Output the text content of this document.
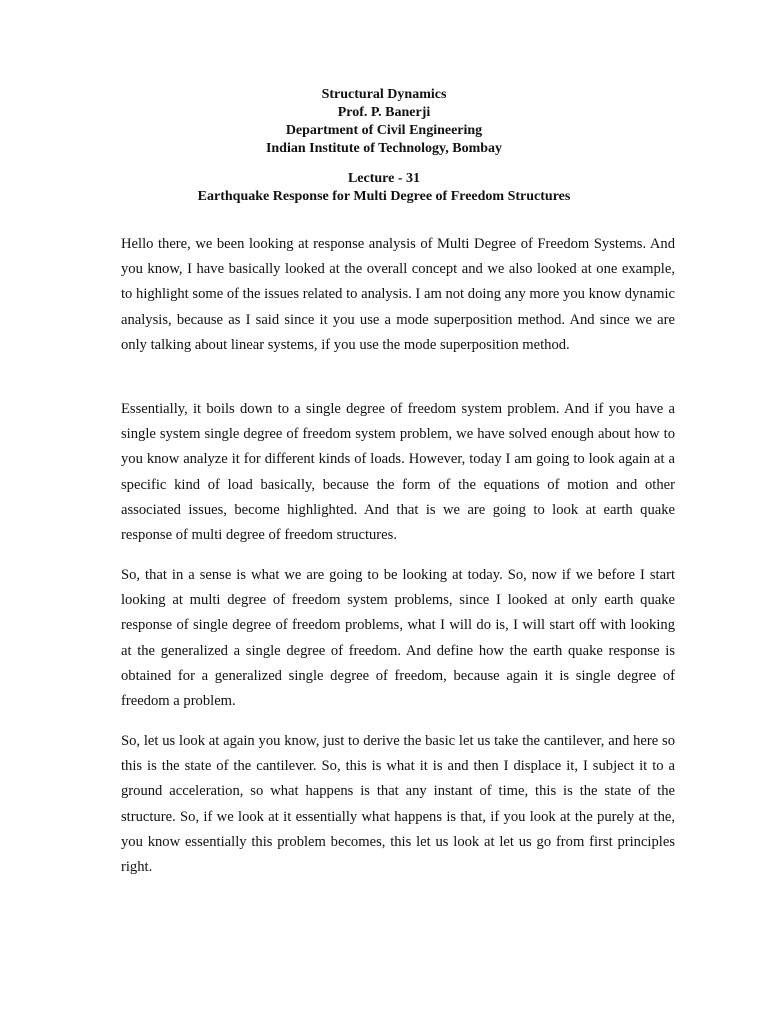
Structural Dynamics
Prof. P. Banerji
Department of Civil Engineering
Indian Institute of Technology, Bombay
Lecture - 31
Earthquake Response for Multi Degree of Freedom Structures

Hello there, we been looking at response analysis of Multi Degree of Freedom Systems. And you know, I have basically looked at the overall concept and we also looked at one example, to highlight some of the issues related to analysis. I am not doing any more you know dynamic analysis, because as I said since it you use a mode superposition method. And since we are only talking about linear systems, if you use the mode superposition method.

Essentially, it boils down to a single degree of freedom system problem. And if you have a single system single degree of freedom system problem, we have solved enough about how to you know analyze it for different kinds of loads. However, today I am going to look again at a specific kind of load basically, because the form of the equations of motion and other associated issues, become highlighted. And that is we are going to look at earth quake response of multi degree of freedom structures.

So, that in a sense is what we are going to be looking at today. So, now if we before I start looking at multi degree of freedom system problems, since I looked at only earth quake response of single degree of freedom problems, what I will do is, I will start off with looking at the generalized a single degree of freedom. And define how the earth quake response is obtained for a generalized single degree of freedom, because again it is single degree of freedom a problem.

So, let us look at again you know, just to derive the basic let us take the cantilever, and here so this is the state of the cantilever. So, this is what it is and then I displace it, I subject it to a ground acceleration, so what happens is that any instant of time, this is the state of the structure. So, if we look at it essentially what happens is that, if you look at the purely at the, you know essentially this problem becomes, this let us look at let us go from first principles right.
